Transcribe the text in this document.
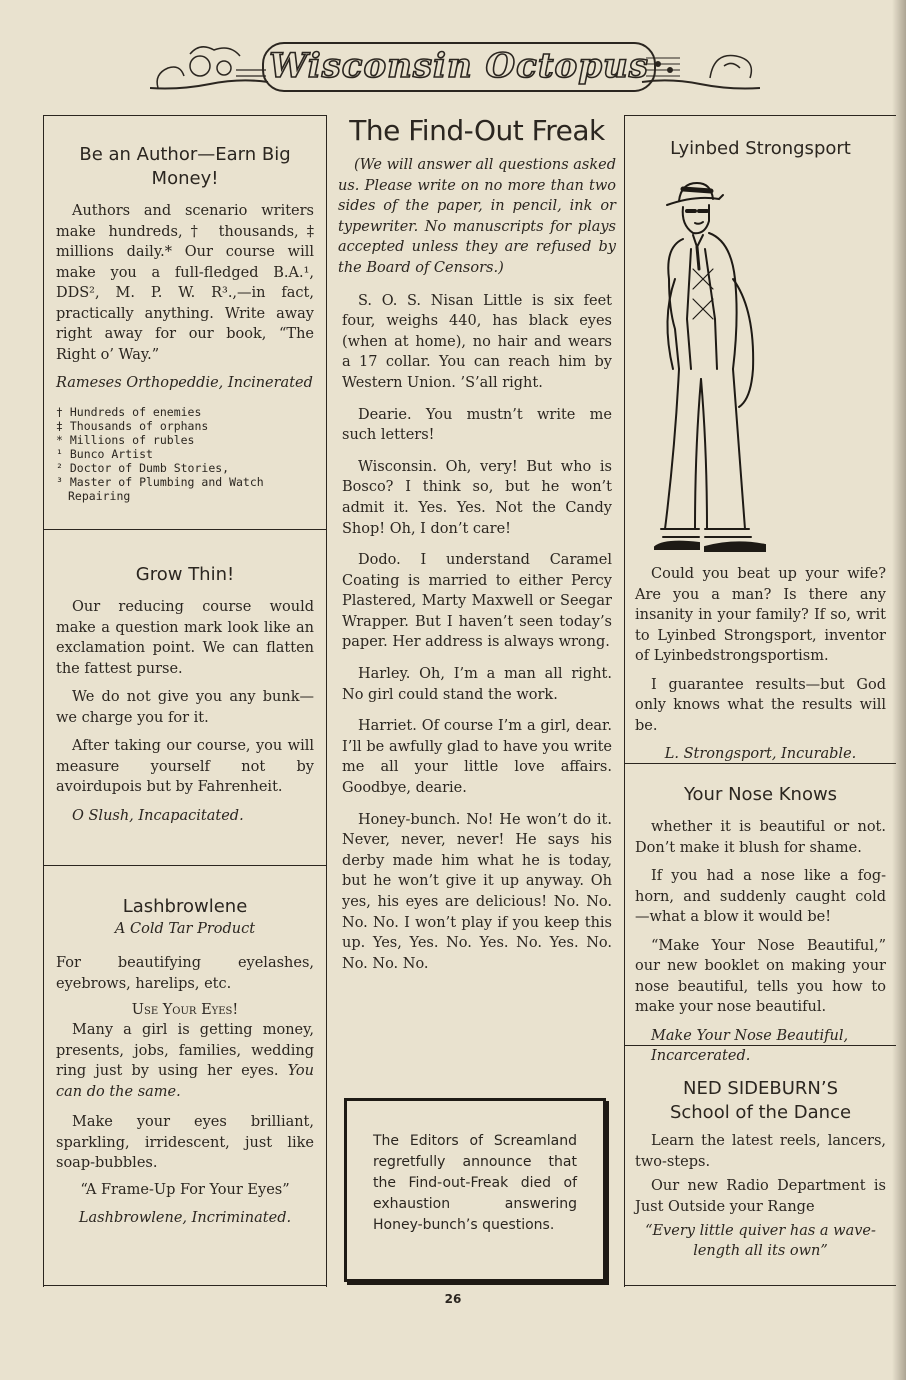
Wisconsin Octopus
Be an Author—Earn Big Money!
Authors and scenario writers make hundreds,† thousands,‡ millions daily.* Our course will make you a full-fledged B.A.¹, DDS², M. P. W. R³.,—in fact, practically anything. Write away right away for our book, “The Right o’ Way.”
Rameses Orthopeddie, Incinerated
† Hundreds of enemies
‡ Thousands of orphans
* Millions of rubles
¹ Bunco Artist
² Doctor of Dumb Stories,
³ Master of Plumbing and Watch Repairing
Grow Thin!
Our reducing course would make a question mark look like an exclamation point. We can flatten the fattest purse.
We do not give you any bunk—we charge you for it.
After taking our course, you will measure yourself not by avoirdupois but by Fahrenheit.
O Slush, Incapacitated.
Lashbrowlene
A Cold Tar Product
For beautifying eyelashes, eyebrows, harelips, etc.
Use Your Eyes!
Many a girl is getting money, presents, jobs, families, wedding ring just by using her eyes. You can do the same.
Make your eyes brilliant, sparkling, irridescent, just like soap-bubbles.
“A Frame-Up For Your Eyes”
Lashbrowlene, Incriminated.
The Find-Out Freak
(We will answer all questions asked us. Please write on no more than two sides of the paper, in pencil, ink or typewriter. No manuscripts for plays accepted unless they are refused by the Board of Censors.)
S. O. S. Nisan Little is six feet four, weighs 440, has black eyes (when at home), no hair and wears a 17 collar. You can reach him by Western Union. ’S’all right.
Dearie. You mustn’t write me such letters!
Wisconsin. Oh, very! But who is Bosco? I think so, but he won’t admit it. Yes. Yes. Not the Candy Shop! Oh, I don’t care!
Dodo. I understand Caramel Coating is married to either Percy Plastered, Marty Maxwell or Seegar Wrapper. But I haven’t seen today’s paper. Her address is always wrong.
Harley. Oh, I’m a man all right. No girl could stand the work.
Harriet. Of course I’m a girl, dear. I’ll be awfully glad to have you write me all your little love affairs. Goodbye, dearie.
Honey-bunch. No! He won’t do it. Never, never, never! He says his derby made him what he is today, but he won’t give it up anyway. Oh yes, his eyes are delicious! No. No. No. No. I won’t play if you keep this up. Yes, Yes. No. Yes. No. Yes. No. No. No. No.
The Editors of Screamland regretfully announce that the Find-out-Freak died of exhaustion answering Honey-bunch’s questions.
Lyinbed Strongsport
Could you beat up your wife? Are you a man? Is there any insanity in your family? If so, writ to Lyinbed Strongsport, inventor of Lyinbedstrongsportism.
I guarantee results—but God only knows what the results will be.
L. Strongsport, Incurable.
Your Nose Knows
whether it is beautiful or not. Don’t make it blush for shame.
If you had a nose like a fog-horn, and suddenly caught cold —what a blow it would be!
“Make Your Nose Beautiful,” our new booklet on making your nose beautiful, tells you how to make your nose beautiful.
Make Your Nose Beautiful, Incarcerated.
NED SIDEBURN’S
School of the Dance
Learn the latest reels, lancers, two-steps.
Our new Radio Department is Just Outside your Range
“Every little quiver has a wave-length all its own”
26
